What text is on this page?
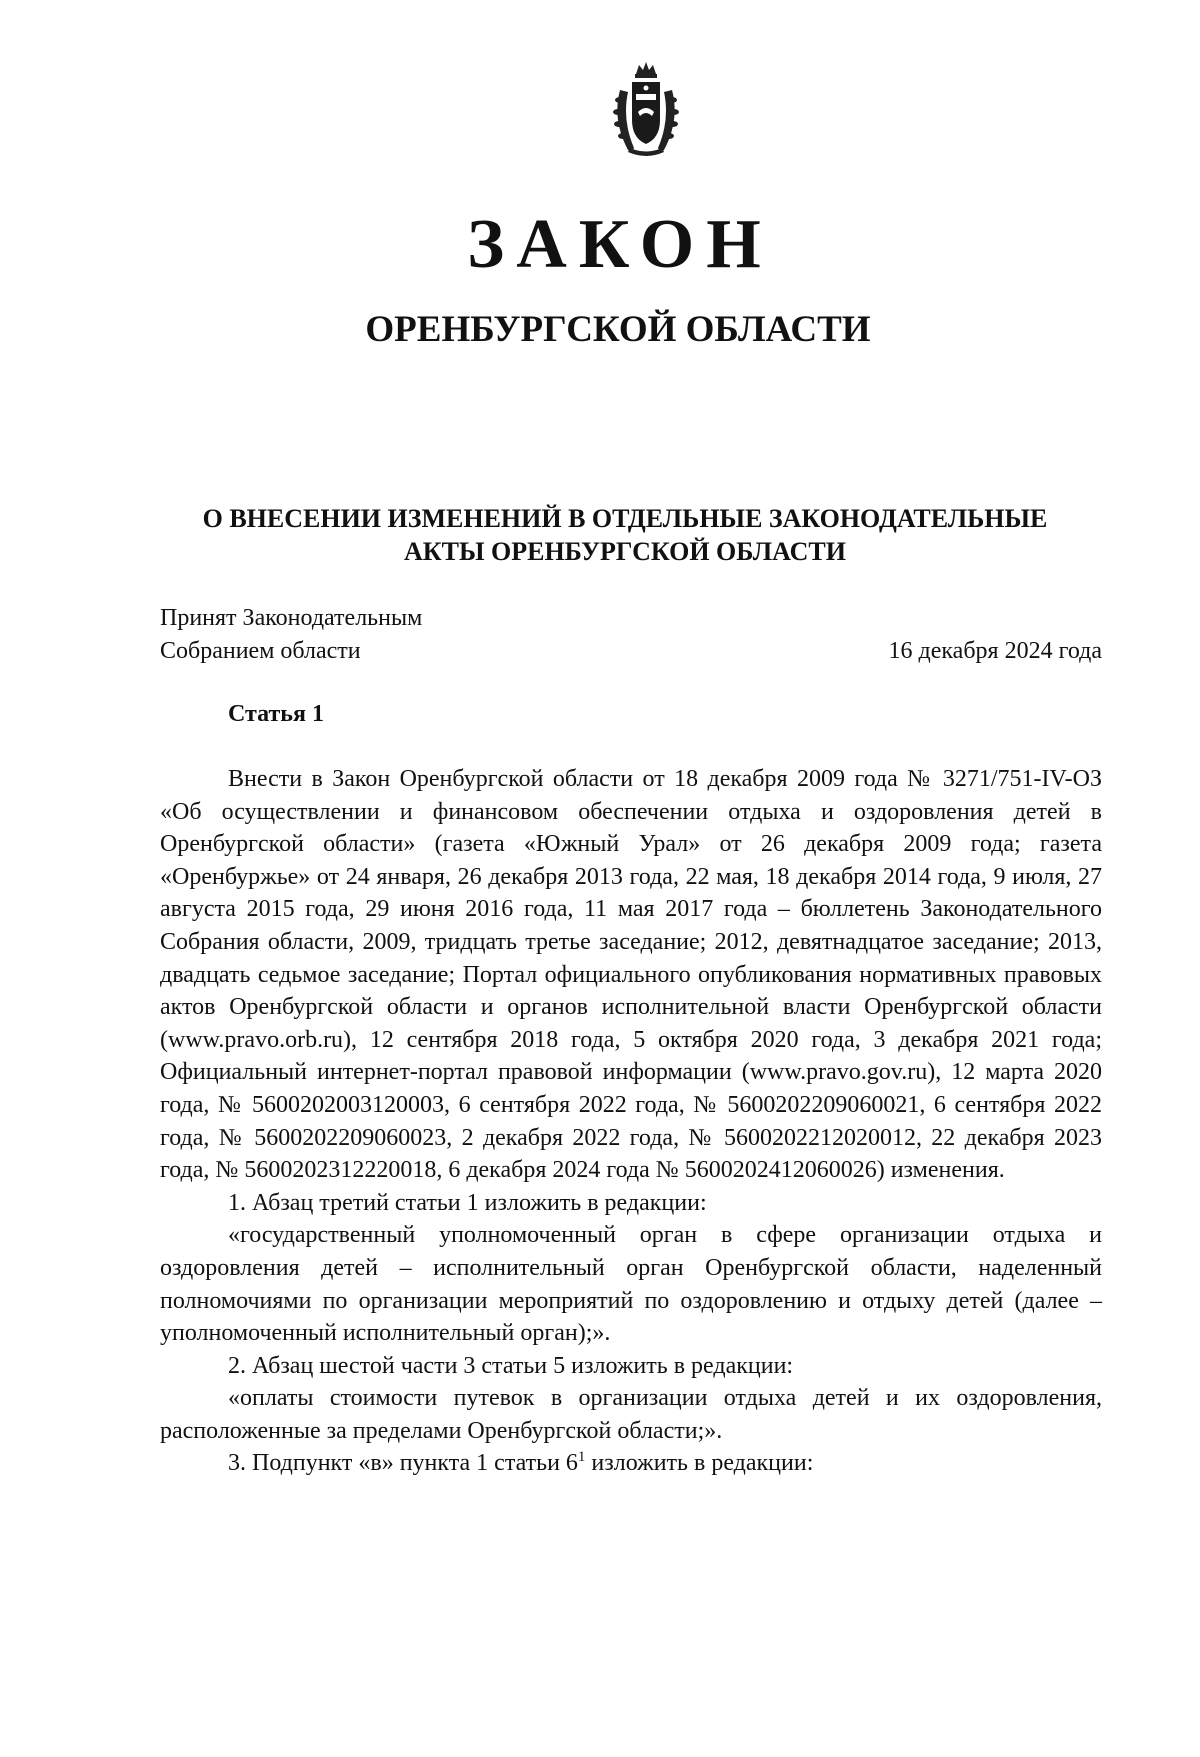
ЗАКОН
ОРЕНБУРГСКОЙ ОБЛАСТИ
О ВНЕСЕНИИ ИЗМЕНЕНИЙ В ОТДЕЛЬНЫЕ ЗАКОНОДАТЕЛЬНЫЕ
АКТЫ ОРЕНБУРГСКОЙ ОБЛАСТИ
Принят Законодательным
Собранием области	16 декабря 2024 года
Статья 1

Внести в Закон Оренбургской области от 18 декабря 2009 года № 3271/751-IV-ОЗ «Об осуществлении и финансовом обеспечении отдыха и оздоровления детей в Оренбургской области» (газета «Южный Урал» от 26 декабря 2009 года; газета «Оренбуржье» от 24 января, 26 декабря 2013 года, 22 мая, 18 декабря 2014 года, 9 июля, 27 августа 2015 года, 29 июня 2016 года, 11 мая 2017 года – бюллетень Законодательного Собрания области, 2009, тридцать третье заседание; 2012, девятнадцатое заседание; 2013, двадцать седьмое заседание; Портал официального опубликования нормативных правовых актов Оренбургской области и органов исполнительной власти Оренбургской области (www.pravo.orb.ru), 12 сентября 2018 года, 5 октября 2020 года, 3 декабря 2021 года; Официальный интернет-портал правовой информации (www.pravo.gov.ru), 12 марта 2020 года, № 5600202003120003, 6 сентября 2022 года, № 5600202209060021, 6 сентября 2022 года, № 5600202209060023, 2 декабря 2022 года, № 5600202212020012, 22 декабря 2023 года, № 5600202312220018, 6 декабря 2024 года № 5600202412060026) изменения.

1. Абзац третий статьи 1 изложить в редакции:

«государственный уполномоченный орган в сфере организации отдыха и оздоровления детей – исполнительный орган Оренбургской области, наделенный полномочиями по организации мероприятий по оздоровлению и отдыху детей (далее – уполномоченный исполнительный орган);».

2. Абзац шестой части 3 статьи 5 изложить в редакции:

«оплаты стоимости путевок в организации отдыха детей и их оздоровления, расположенные за пределами Оренбургской области;».

3. Подпункт «в» пункта 1 статьи $6^1$ изложить в редакции:
